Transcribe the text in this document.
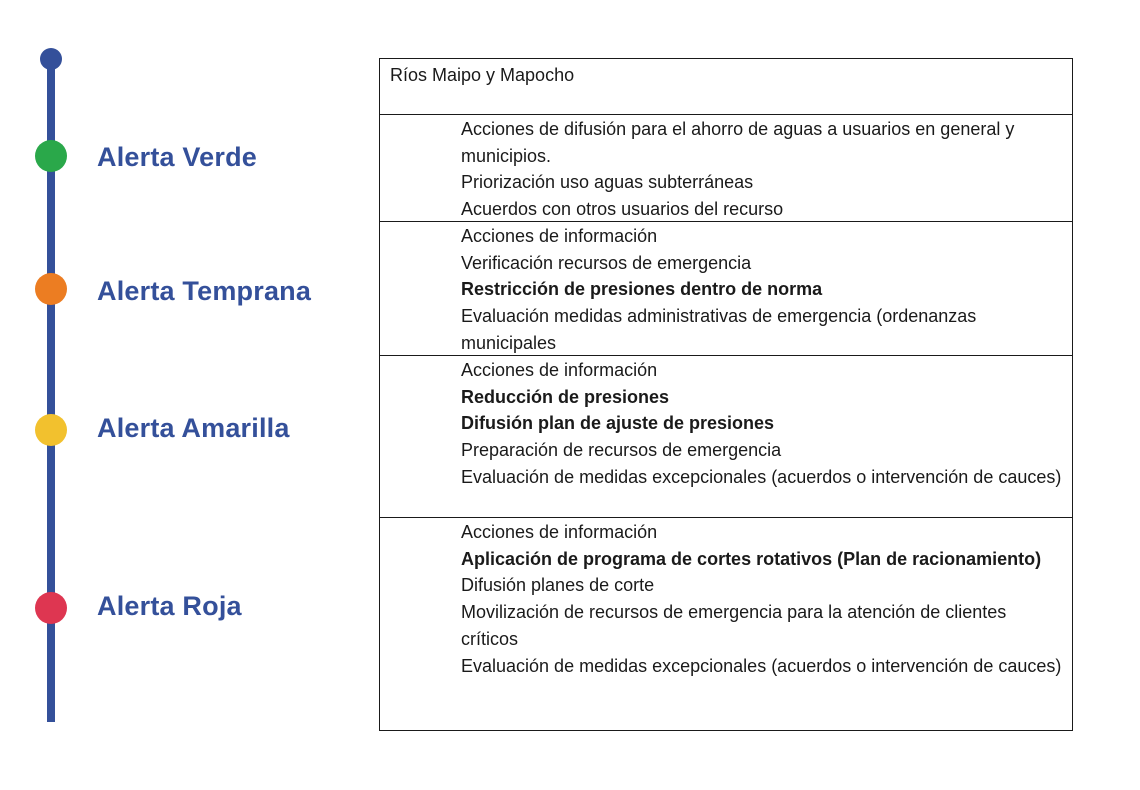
Alerta Verde
Alerta Temprana
Alerta Amarilla
Alerta Roja
Ríos Maipo y Mapocho
Acciones de difusión para el ahorro de aguas a usuarios en general y municipios.
Priorización uso aguas subterráneas
Acuerdos con otros usuarios del recurso
Acciones de información
Verificación recursos de emergencia
Restricción de presiones dentro de norma
Evaluación medidas administrativas de emergencia (ordenanzas municipales
Acciones de información
Reducción de presiones
Difusión plan de ajuste de presiones
Preparación de recursos de emergencia
Evaluación de medidas excepcionales (acuerdos o intervención de cauces)
Acciones de información
Aplicación de programa de cortes rotativos (Plan de racionamiento)
Difusión planes de corte
Movilización de recursos de emergencia para la atención de clientes críticos
Evaluación de medidas excepcionales (acuerdos o intervención de cauces)
